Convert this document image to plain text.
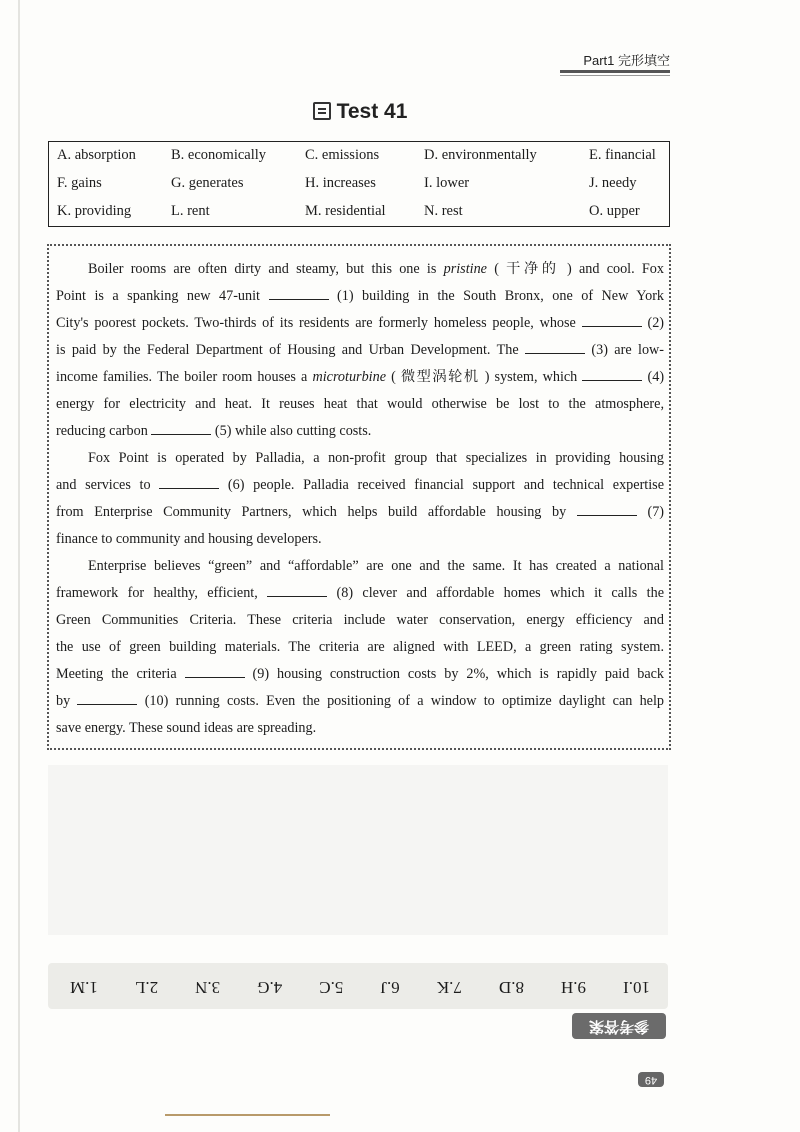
Part1 完形填空
Test 41
A. absorption B. economically	C. emissions	D. environmentally	E. financial
F. gains	G. generates	H. increases	I. lower	J. needy
K. providing	L. rent	M. residential	N. rest	O. upper
Boiler rooms are often dirty and steamy, but this one is pristine ( 干净的 ) and cool. Fox
Point is a spanking new 47-unit	(1) building in the South Bronx, one of New York
City's poorest pockets. Two-thirds of its residents are formerly homeless people, whose	(2)
is paid by the Federal Department of Housing and Urban Development. The	(3) are low-
income families. The boiler room houses a microturbine ( 微型涡轮机 ) system, which	(4)
energy for electricity and heat. It reuses heat that would otherwise be lost to the atmosphere,
reducing carbon	(5) while also cutting costs.
Fox Point is operated by Palladia, a non-profit group that specializes in providing housing
and services to	(6) people. Palladia received financial support and technical expertise
from Enterprise Community Partners, which helps build affordable housing by	(7)
finance to community and housing developers.
Enterprise believes “green” and “affordable” are one and the same. It has created a national
framework for healthy, efficient,	(8) clever and affordable homes which it calls the
Green Communities Criteria. These criteria include water conservation, energy efficiency and
the use of green building materials. The criteria are aligned with LEED, a green rating system.
Meeting the criteria	(9) housing construction costs by 2%, which is rapidly paid back
by	(10) running costs. Even the positioning of a window to optimize daylight can help
save energy. These sound ideas are spreading.
10.I
9.H
8.D
7.K
6.J
5.C
4.G
3.N
2.L
1.M
参考答案
49
